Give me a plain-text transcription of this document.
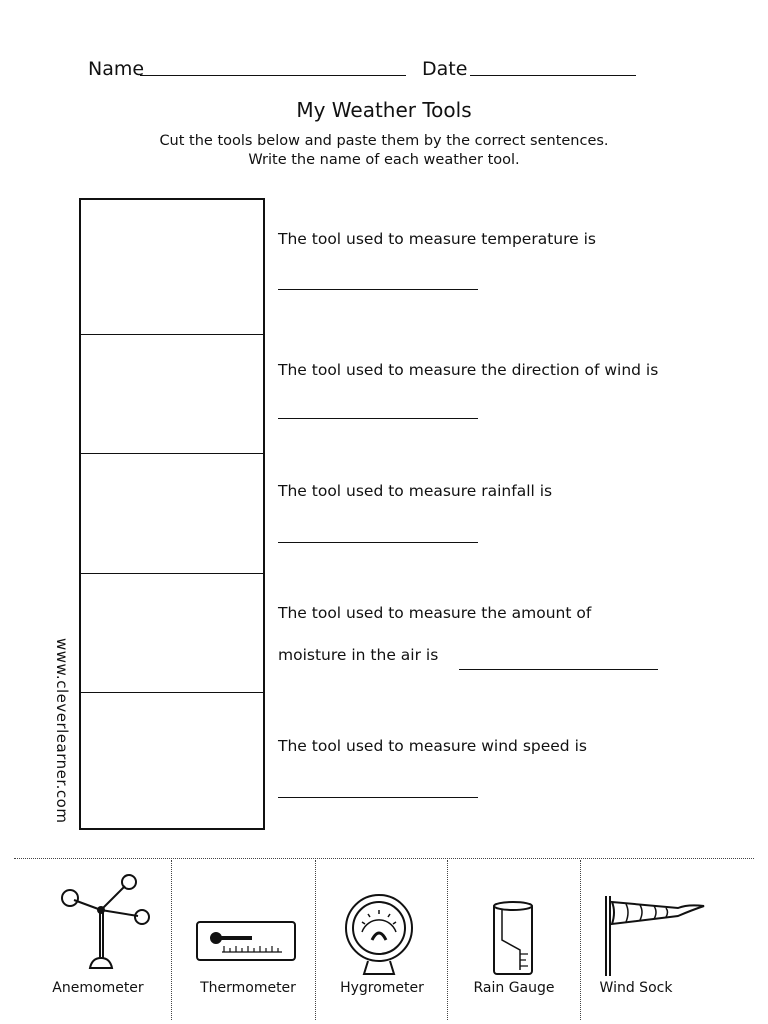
Name	Date
My Weather Tools
Cut the tools below and paste them by the correct sentences.
Write the name of each weather tool.
The tool used to measure temperature is
The tool used to measure the direction of wind is
The tool used to measure rainfall is
The tool used to measure the amount of
moisture in the air is
The tool used to measure wind speed is
www.cleverlearner.com
Anemometer	Thermometer	Hygrometer	Rain Gauge	Wind Sock
